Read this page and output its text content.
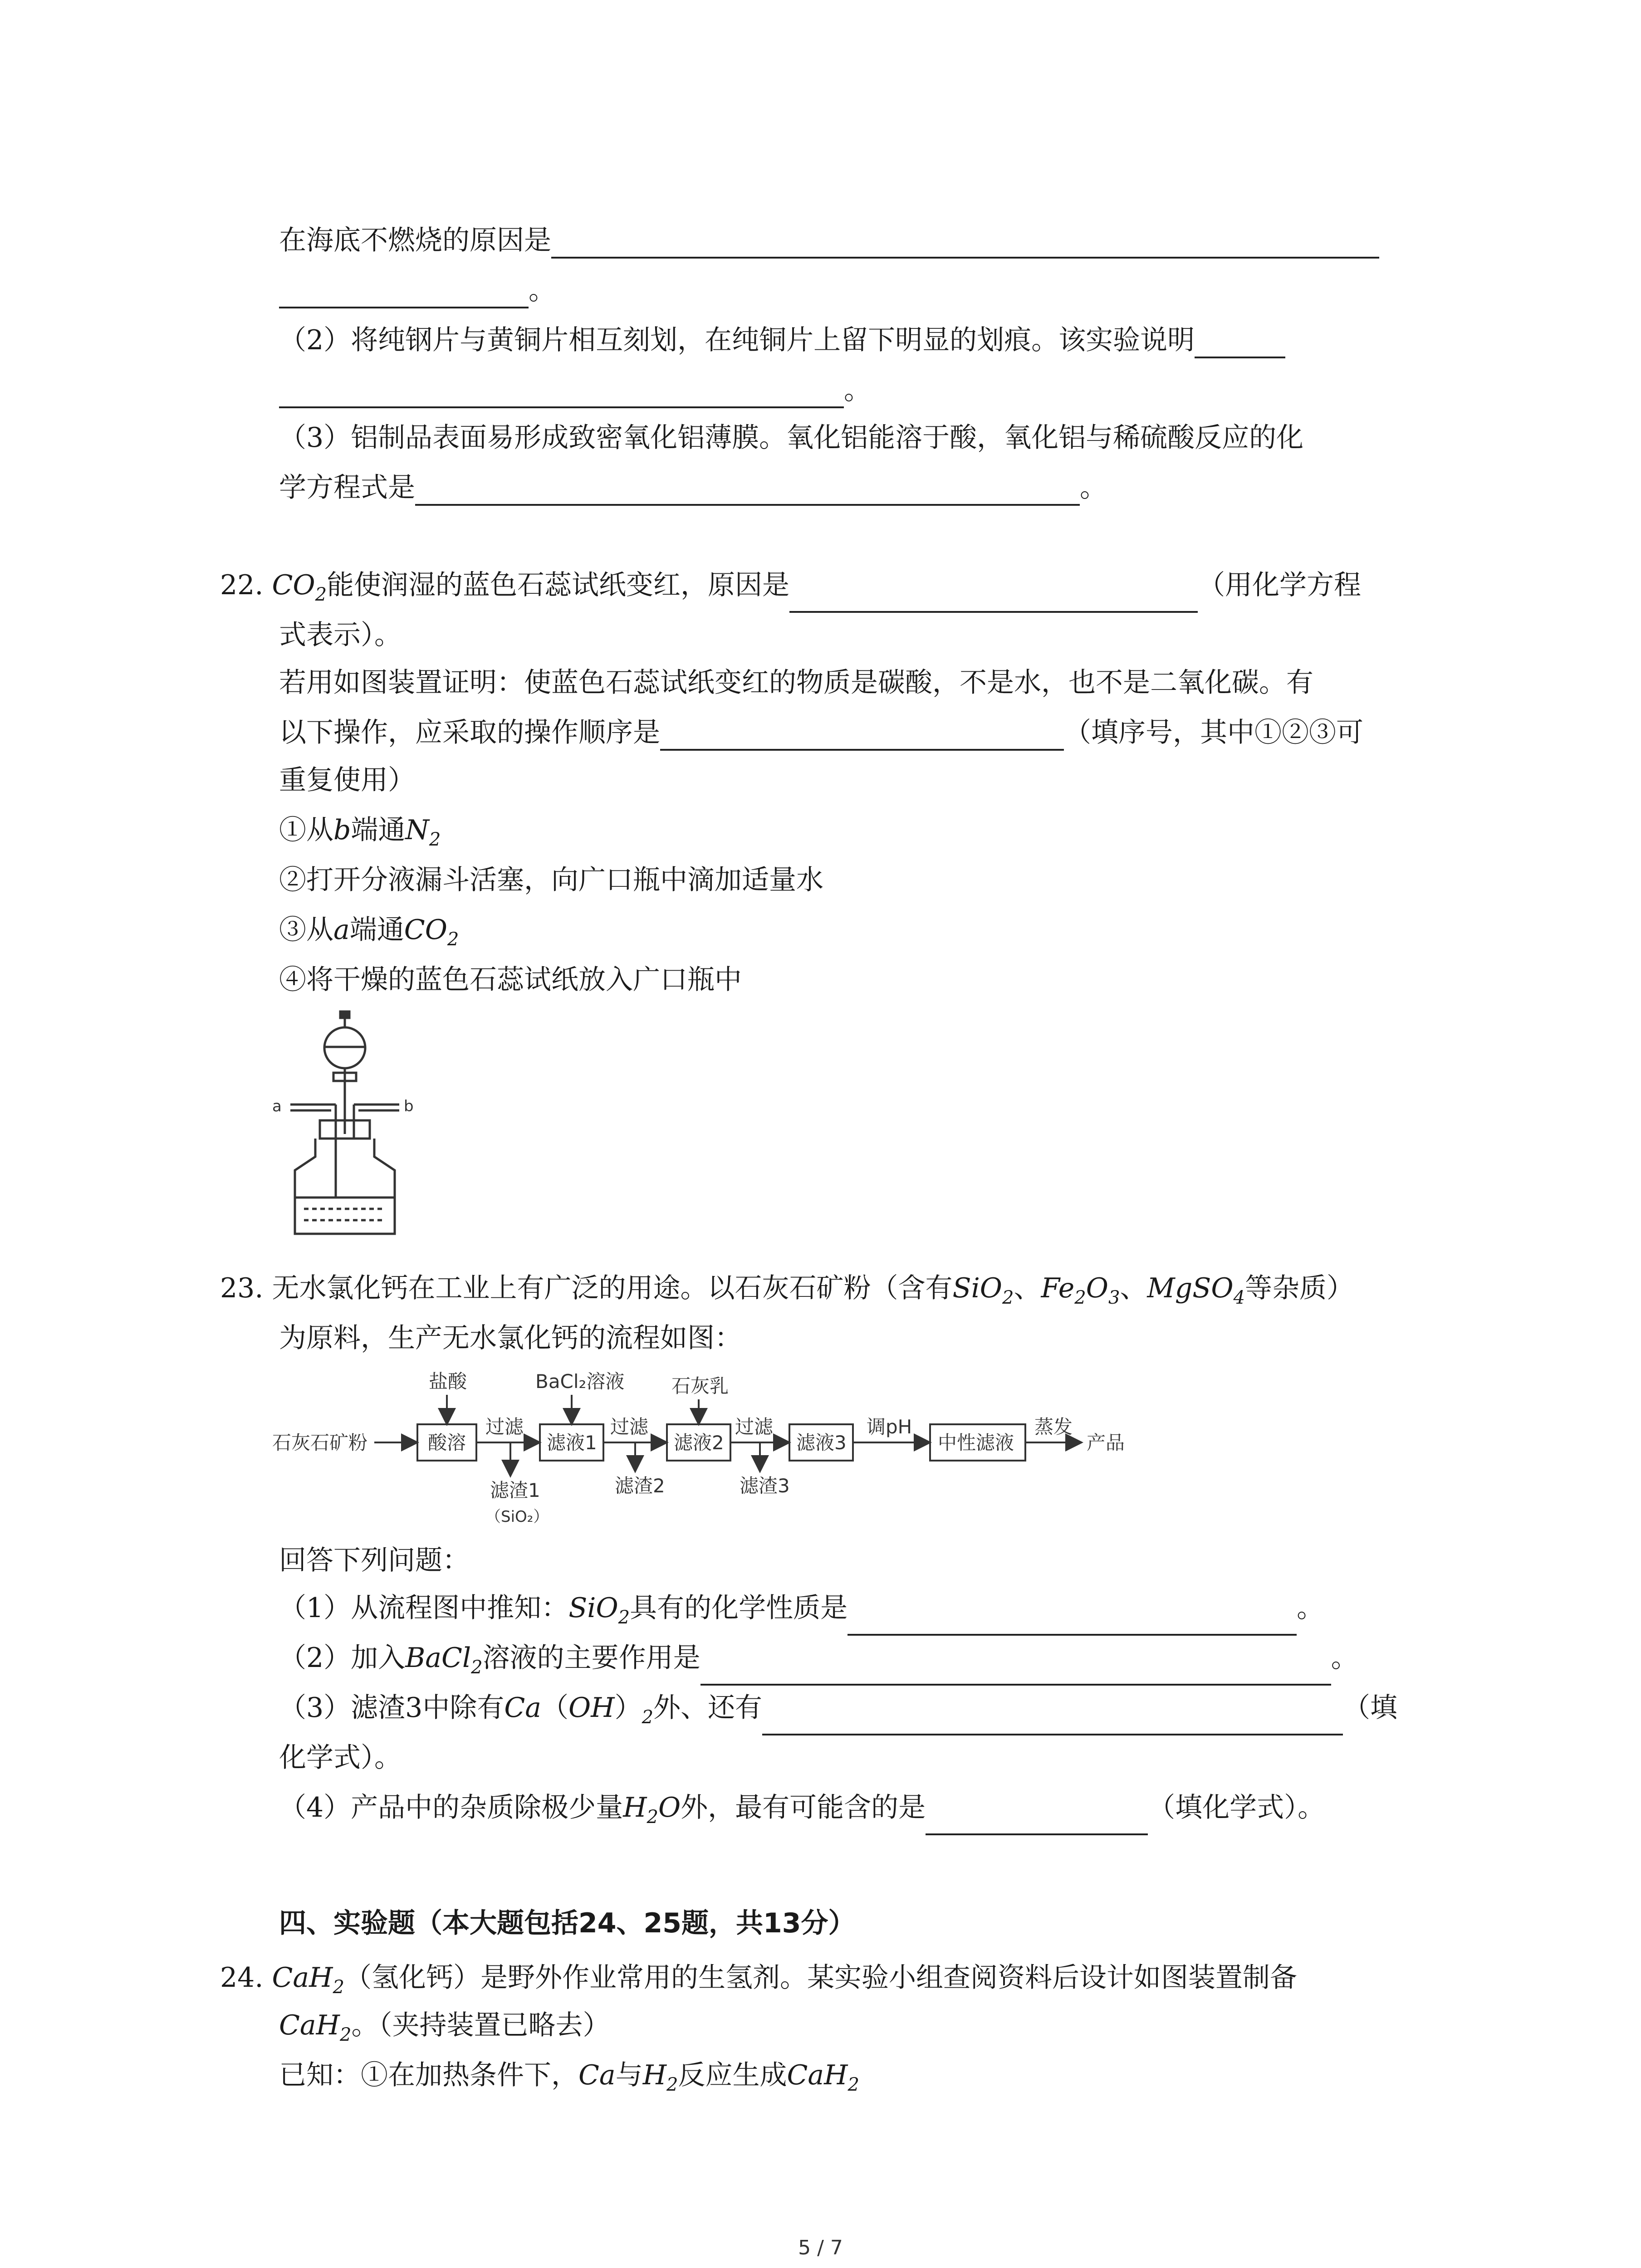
在海底不燃烧的原因是
。
（2）将纯钢片与黄铜片相互刻划，在纯铜片上留下明显的划痕。该实验说明
。
（3）铝制品表面易形成致密氧化铝薄膜。氧化铝能溶于酸，氧化铝与稀硫酸反应的化
学方程式是	。
22. $CO_2$能使润湿的蓝色石蕊试纸变红，原因是	（用化学方程
式表示）。
若用如图装置证明：使蓝色石蕊试纸变红的物质是碳酸，不是水，也不是二氧化碳。有
以下操作，应采取的操作顺序是	（填序号，其中①②③可
重复使用）
①从b端通$N_2$
②打开分液漏斗活塞，向广口瓶中滴加适量水
③从a端通$CO_2$
④将干燥的蓝色石蕊试纸放入广口瓶中
a	b
23. 无水氯化钙在工业上有广泛的用途。以石灰石矿粉（含有SiO$_2$、$Fe_2O_3$、MgSO$_4$等杂质）
为原料，生产无水氯化钙的流程如图：
石灰石矿粉	酸溶	滤液1	滤液2	滤液3	中性滤液	产品
盐酸	BaCl₂溶液 石灰乳
过滤	过滤	过滤	调pH	蒸发
滤渣1
（SiO₂）
滤渣2	滤渣3
回答下列问题：
（1）从流程图中推知：SiO$_2$具有的化学性质是	。
（2）加入BaCl$_2$溶液的主要作用是	。
（3）滤渣3中除有$Ca(OH)_2$外、还有	（填
化学式）。
（4）产品中的杂质除极少量$H_2O$外，最有可能含的是	（填化学式）。
四、实验题（本大题包括24、25题，共13分）
24. CaH$_2$（氢化钙）是野外作业常用的生氢剂。某实验小组查阅资料后设计如图装置制备
CaH$_2$。（夹持装置已略去）
已知：①在加热条件下，Ca与$H_2$反应生成CaH$_2$
5 / 7
